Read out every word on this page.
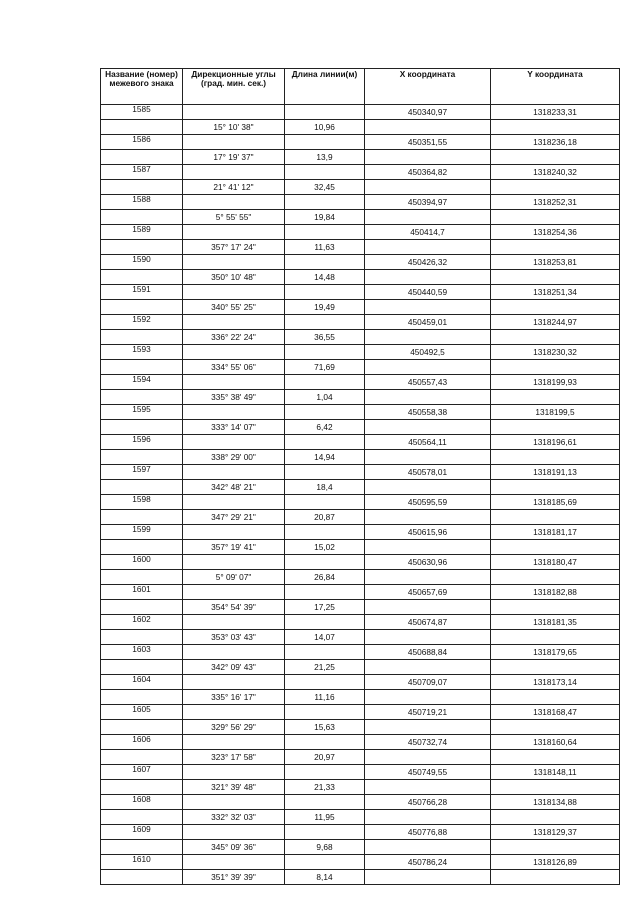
Название (номер) межевого знака	Дирекционные углы (град. мин. сек.)	Длина линии(м)	X координата	Y координата
1585			450340,97	1318233,31
	15° 10' 38"	10,96		
1586			450351,55	1318236,18
	17° 19' 37"	13,9		
1587			450364,82	1318240,32
	21° 41' 12"	32,45		
1588			450394,97	1318252,31
	5° 55' 55"	19,84		
1589			450414,7	1318254,36
	357° 17' 24"	11,63		
1590			450426,32	1318253,81
	350° 10' 48"	14,48		
1591			450440,59	1318251,34
	340° 55' 25"	19,49		
1592			450459,01	1318244,97
	336° 22' 24"	36,55		
1593			450492,5	1318230,32
	334° 55' 06"	71,69		
1594			450557,43	1318199,93
	335° 38' 49"	1,04		
1595			450558,38	1318199,5
	333° 14' 07"	6,42		
1596			450564,11	1318196,61
	338° 29' 00"	14,94		
1597			450578,01	1318191,13
	342° 48' 21"	18,4		
1598			450595,59	1318185,69
	347° 29' 21"	20,87		
1599			450615,96	1318181,17
	357° 19' 41"	15,02		
1600			450630,96	1318180,47
	5° 09' 07"	26,84		
1601			450657,69	1318182,88
	354° 54' 39"	17,25		
1602			450674,87	1318181,35
	353° 03' 43"	14,07		
1603			450688,84	1318179,65
	342° 09' 43"	21,25		
1604			450709,07	1318173,14
	335° 16' 17"	11,16		
1605			450719,21	1318168,47
	329° 56' 29"	15,63		
1606			450732,74	1318160,64
	323° 17' 58"	20,97		
1607			450749,55	1318148,11
	321° 39' 48"	21,33		
1608			450766,28	1318134,88
	332° 32' 03"	11,95		
1609			450776,88	1318129,37
	345° 09' 36"	9,68		
1610			450786,24	1318126,89
	351° 39' 39"	8,14		
